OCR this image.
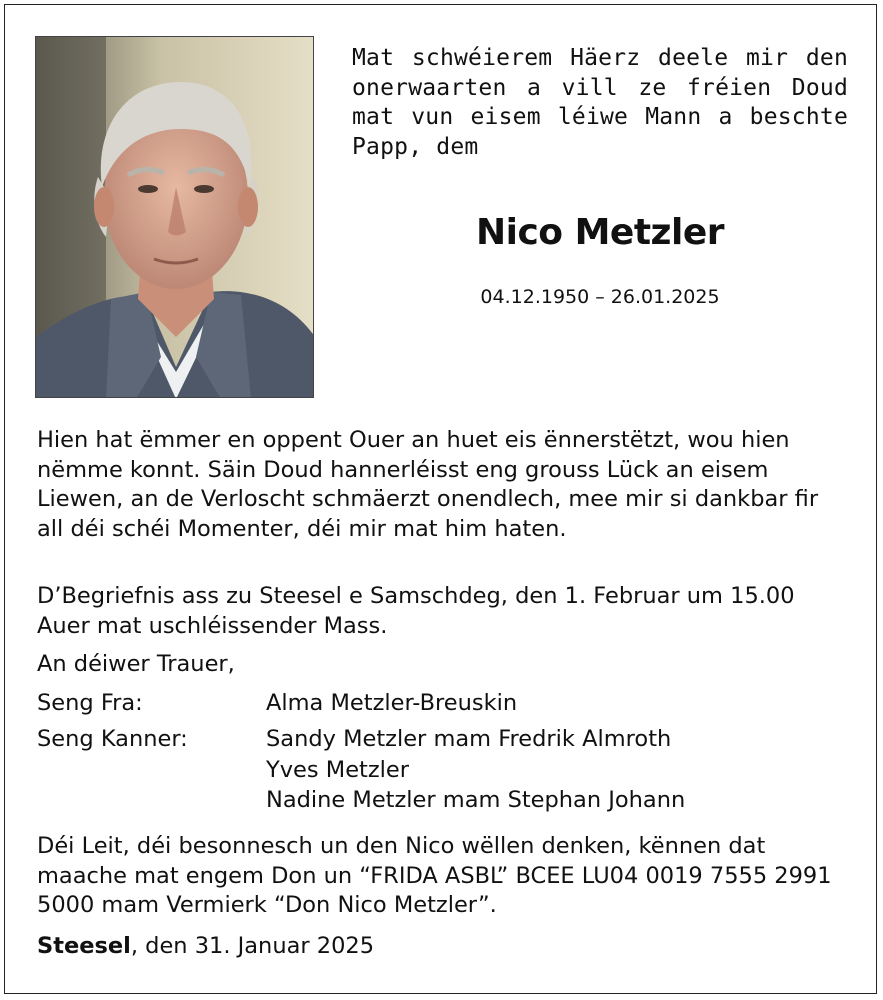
Mat schwéierem Häerz deele mir den onerwaarten a vill ze fréien Doud mat vun eisem léiwe Mann a beschte Papp, dem
Nico Metzler
04.12.1950 – 26.01.2025
Hien hat ëmmer en oppent Ouer an huet eis ënnerstëtzt, wou hien nëmme konnt. Säin Doud hannerléisst eng grouss Lück an eisem Liewen, an de Verloscht schmäerzt onendlech, mee mir si dankbar fir all déi schéi Momenter, déi mir mat him haten.
D’Begriefnis ass zu Steesel e Samschdeg, den 1. Februar um 15.00 Auer mat uschléissender Mass.
An déiwer Trauer,
Seng Fra:	Alma Metzler-Breuskin
Seng Kanner:	Sandy Metzler mam Fredrik Almroth
Yves Metzler
Nadine Metzler mam Stephan Johann
Déi Leit, déi besonnesch un den Nico wëllen denken, kënnen dat maache mat engem Don un “FRIDA ASBL” BCEE LU04 0019 7555 2991 5000 mam Vermierk “Don Nico Metzler”.
Steesel, den 31. Januar 2025
